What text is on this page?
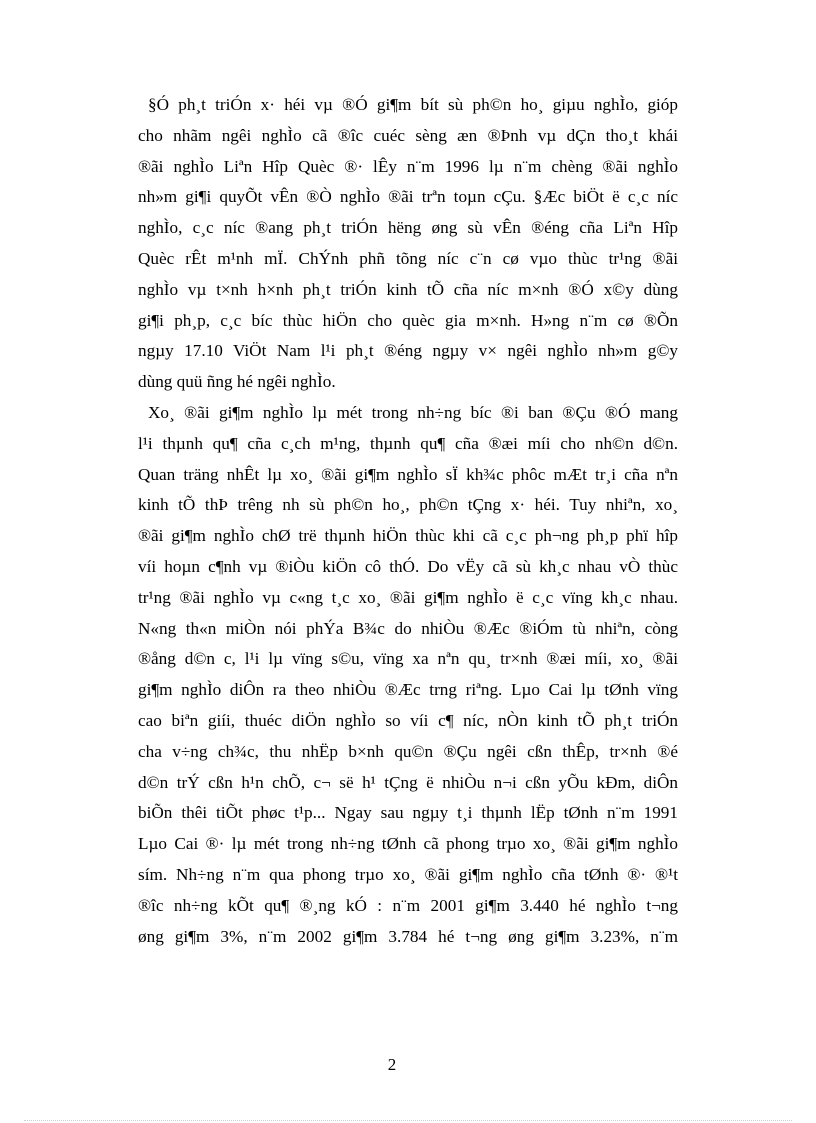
§Ó ph¸t triÓn x· héi vµ ®Ó gi¶m bít sù ph©n ho¸ giµu nghÌo, gióp
cho nhãm ngêi nghÌo cã ®îc cuéc sèng æn ®Þnh vµ dÇn tho¸t khái
®ãi nghÌo Liªn Hîp Quèc ®· lÊy n¨m 1996 lµ n¨m chèng ®ãi nghÌo
nh»m gi¶i quyÕt vÊn ®Ò nghÌo ®ãi trªn toµn cÇu. §Æc biÖt ë c¸c níc
nghÌo, c¸c níc ®ang ph¸t triÓn hëng øng sù vÊn ®éng cña Liªn Hîp
Quèc rÊt m¹nh mÏ. ChÝnh phñ tõng níc c¨n cø vµo thùc tr¹ng ®ãi
nghÌo vµ t×nh h×nh ph¸t triÓn kinh tÕ cña níc m×nh ®Ó x©y dùng
gi¶i ph¸p, c¸c bíc thùc hiÖn cho quèc gia m×nh. H»ng n¨m cø ®Õn
ngµy 17.10 ViÖt Nam l¹i ph¸t ®éng ngµy v× ngêi nghÌo nh»m g©y
dùng quü ñng hé ngêi nghÌo.
Xo¸ ®ãi gi¶m nghÌo lµ mét trong nh÷ng bíc ®i ban ®Çu ®Ó mang
l¹i thµnh qu¶ cña c¸ch m¹ng, thµnh qu¶ cña ®æi míi cho nh©n d©n.
Quan träng nhÊt lµ xo¸ ®ãi gi¶m nghÌo sÏ kh¾c phôc mÆt tr¸i cña nªn
kinh tÕ thÞ trêng nh sù ph©n ho¸, ph©n tÇng x· héi. Tuy nhiªn, xo¸
®ãi gi¶m nghÌo chØ trë thµnh hiÖn thùc khi cã c¸c ph¬ng ph¸p phï hîp
víi hoµn c¶nh vµ ®iÒu kiÖn cô thÓ. Do vËy cã sù kh¸c nhau vÒ thùc
tr¹ng ®ãi nghÌo vµ c«ng t¸c xo¸ ®ãi gi¶m nghÌo ë c¸c vïng kh¸c nhau.
N«ng th«n miÒn nói phÝa B¾c do nhiÒu ®Æc ®iÓm tù nhiªn, còng
®ång d©n c, l¹i lµ vïng s©u, vïng xa nªn qu¸ tr×nh ®æi míi, xo¸ ®ãi
gi¶m nghÌo diÔn ra theo nhiÒu ®Æc trng riªng. Lµo Cai lµ tØnh vïng
cao biªn giíi, thuéc diÖn nghÌo so víi c¶ níc, nÒn kinh tÕ ph¸t triÓn
cha v÷ng ch¾c, thu nhËp b×nh qu©n ®Çu ngêi cßn thÊp, tr×nh ®é
d©n trÝ cßn h¹n chÕ, c¬ së h¹ tÇng ë nhiÒu n¬i cßn yÕu kÐm, diÔn
biÕn thêi tiÕt phøc t¹p... Ngay sau ngµy t¸i thµnh lËp tØnh n¨m 1991
Lµo Cai ®· lµ mét trong nh÷ng tØnh cã phong trµo xo¸ ®ãi gi¶m nghÌo
sím. Nh÷ng n¨m qua phong trµo xo¸ ®ãi gi¶m nghÌo cña tØnh ®· ®¹t
®îc nh÷ng kÕt qu¶ ®¸ng kÓ : n¨m 2001 gi¶m 3.440 hé nghÌo t¬ng
øng gi¶m 3%, n¨m 2002 gi¶m 3.784 hé t¬ng øng gi¶m 3.23%, n¨m
2
